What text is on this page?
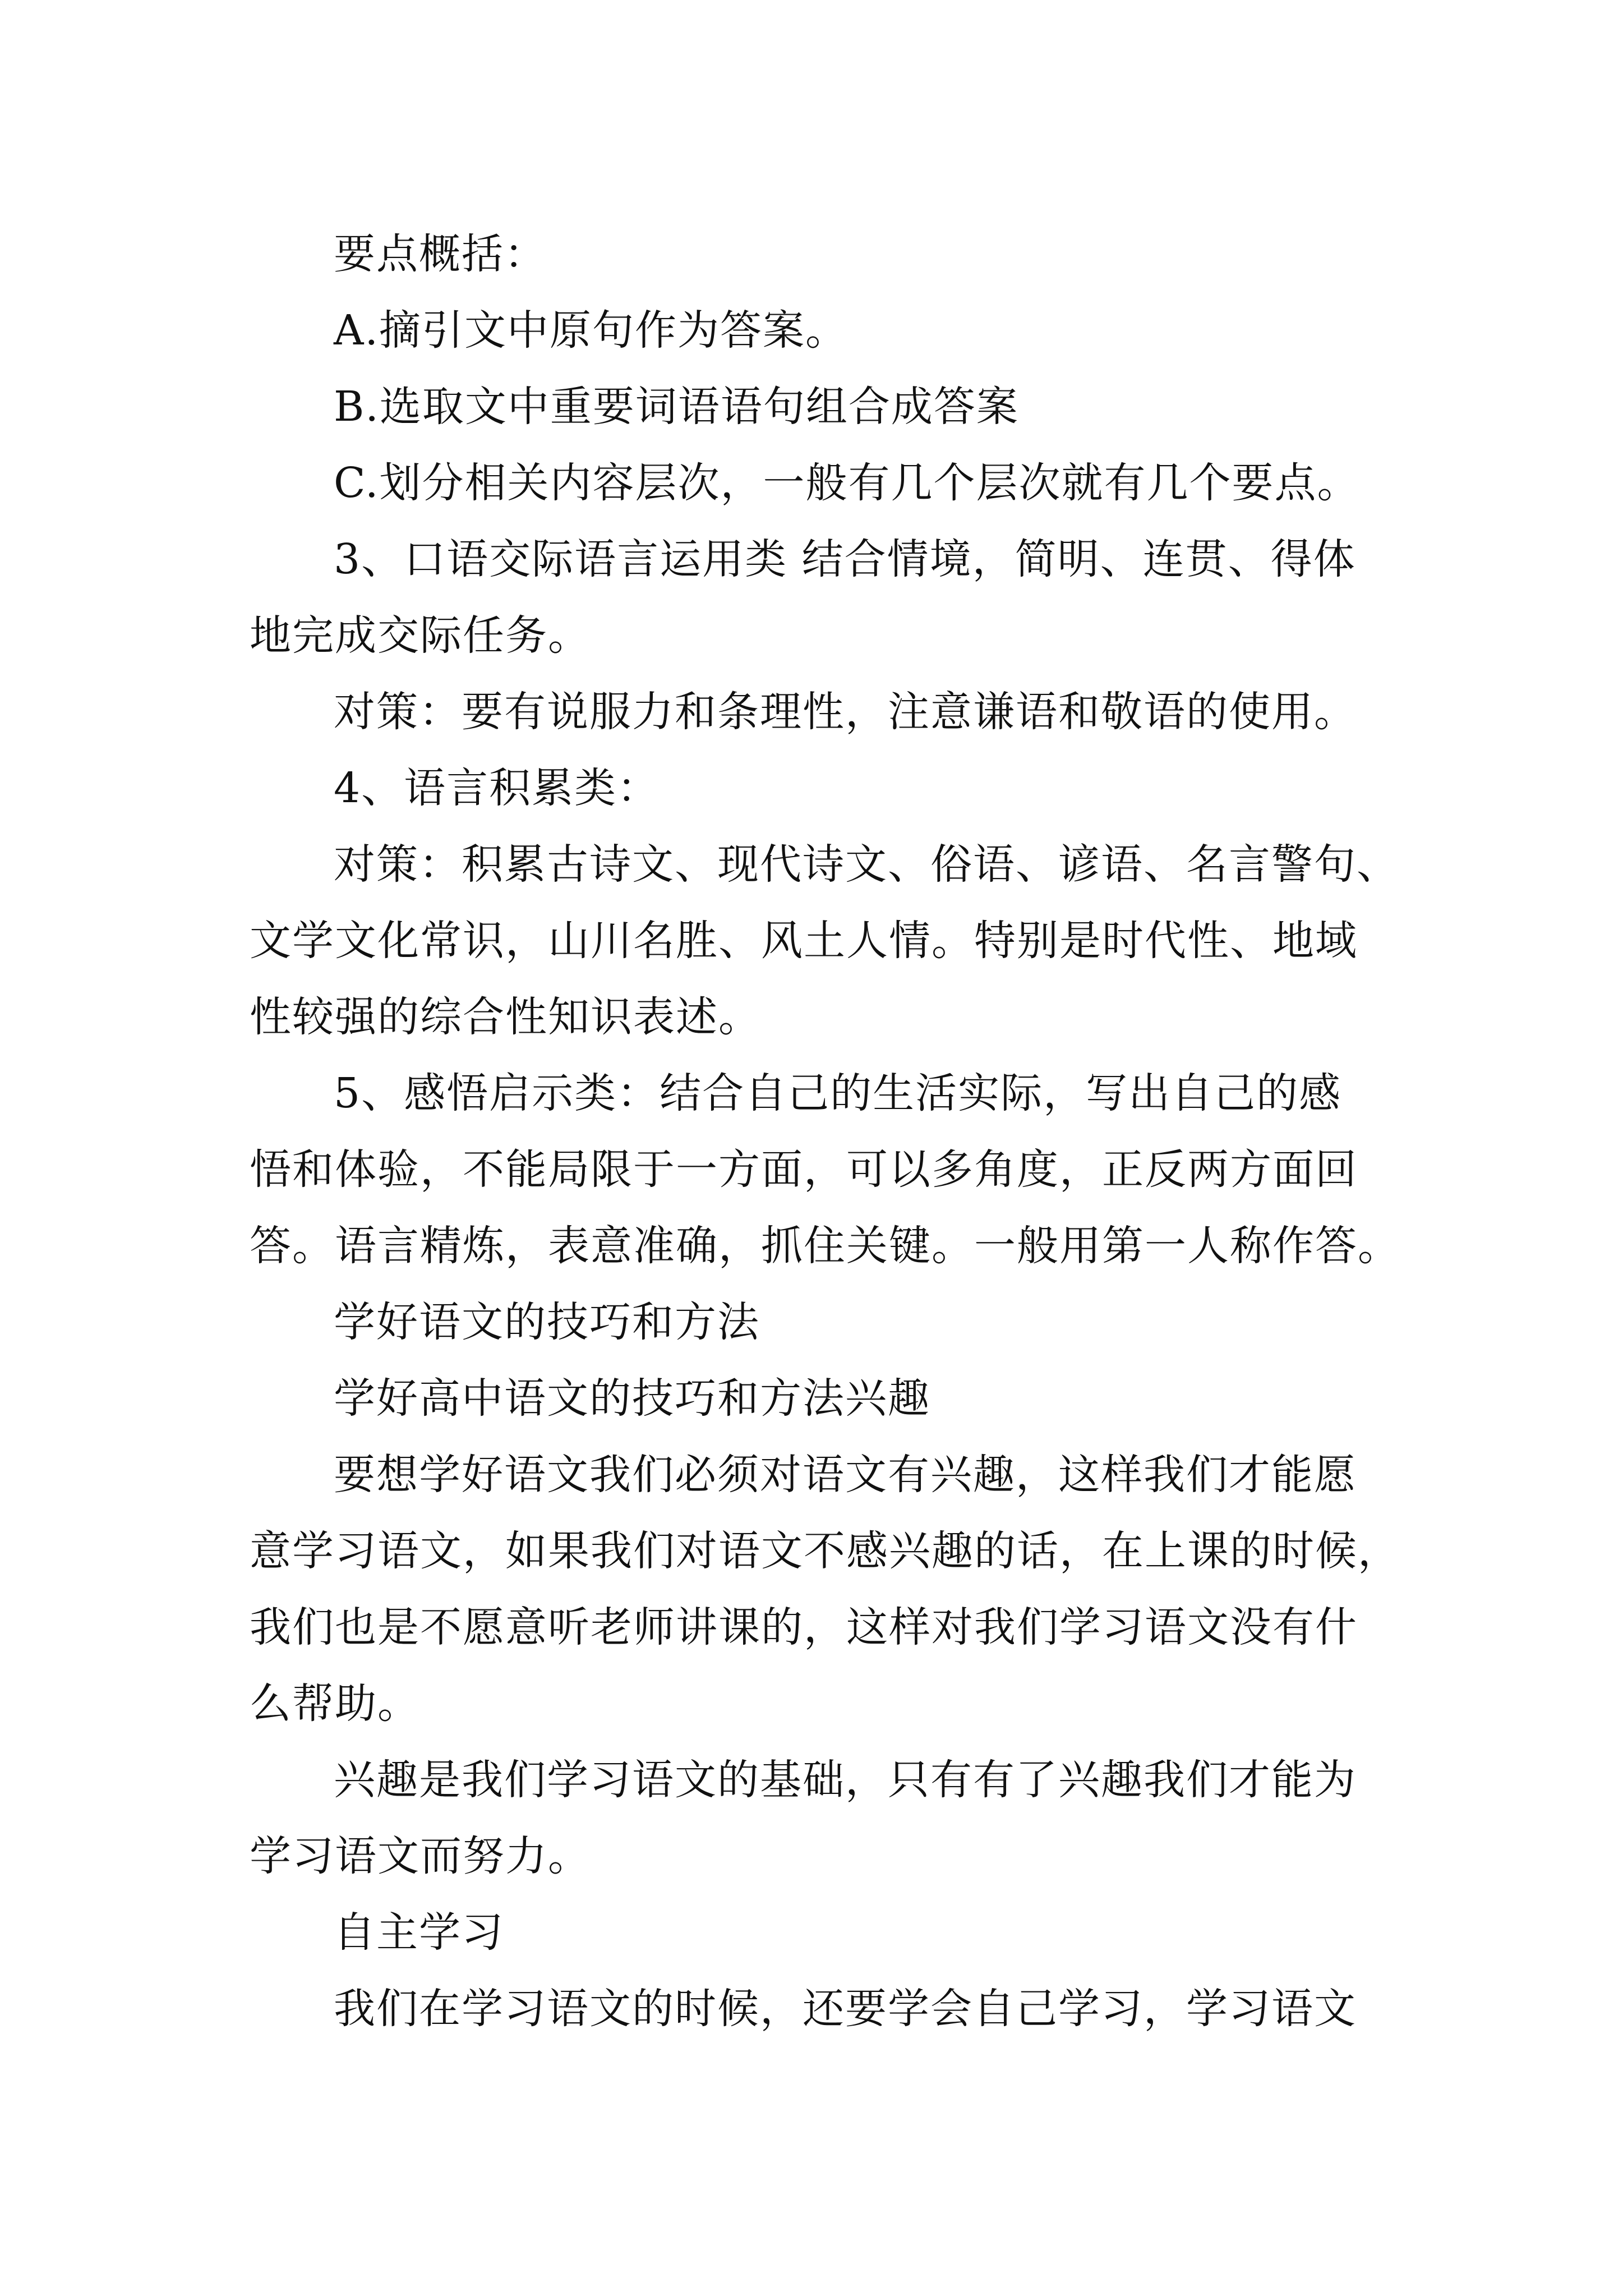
要点概括：
A.摘引文中原句作为答案。
B.选取文中重要词语语句组合成答案
C.划分相关内容层次，一般有几个层次就有几个要点。
3、口语交际语言运用类 结合情境，简明、连贯、得体
地完成交际任务。
对策：要有说服力和条理性，注意谦语和敬语的使用。
4、语言积累类：
对策：积累古诗文、现代诗文、俗语、谚语、名言警句、
文学文化常识，山川名胜、风土人情。特别是时代性、地域
性较强的综合性知识表述。
5、感悟启示类：结合自己的生活实际，写出自己的感
悟和体验，不能局限于一方面，可以多角度，正反两方面回
答。语言精炼，表意准确，抓住关键。一般用第一人称作答。
学好语文的技巧和方法
学好高中语文的技巧和方法兴趣
要想学好语文我们必须对语文有兴趣，这样我们才能愿
意学习语文，如果我们对语文不感兴趣的话，在上课的时候，
我们也是不愿意听老师讲课的，这样对我们学习语文没有什
么帮助。
兴趣是我们学习语文的基础，只有有了兴趣我们才能为
学习语文而努力。
自主学习
我们在学习语文的时候，还要学会自己学习，学习语文
